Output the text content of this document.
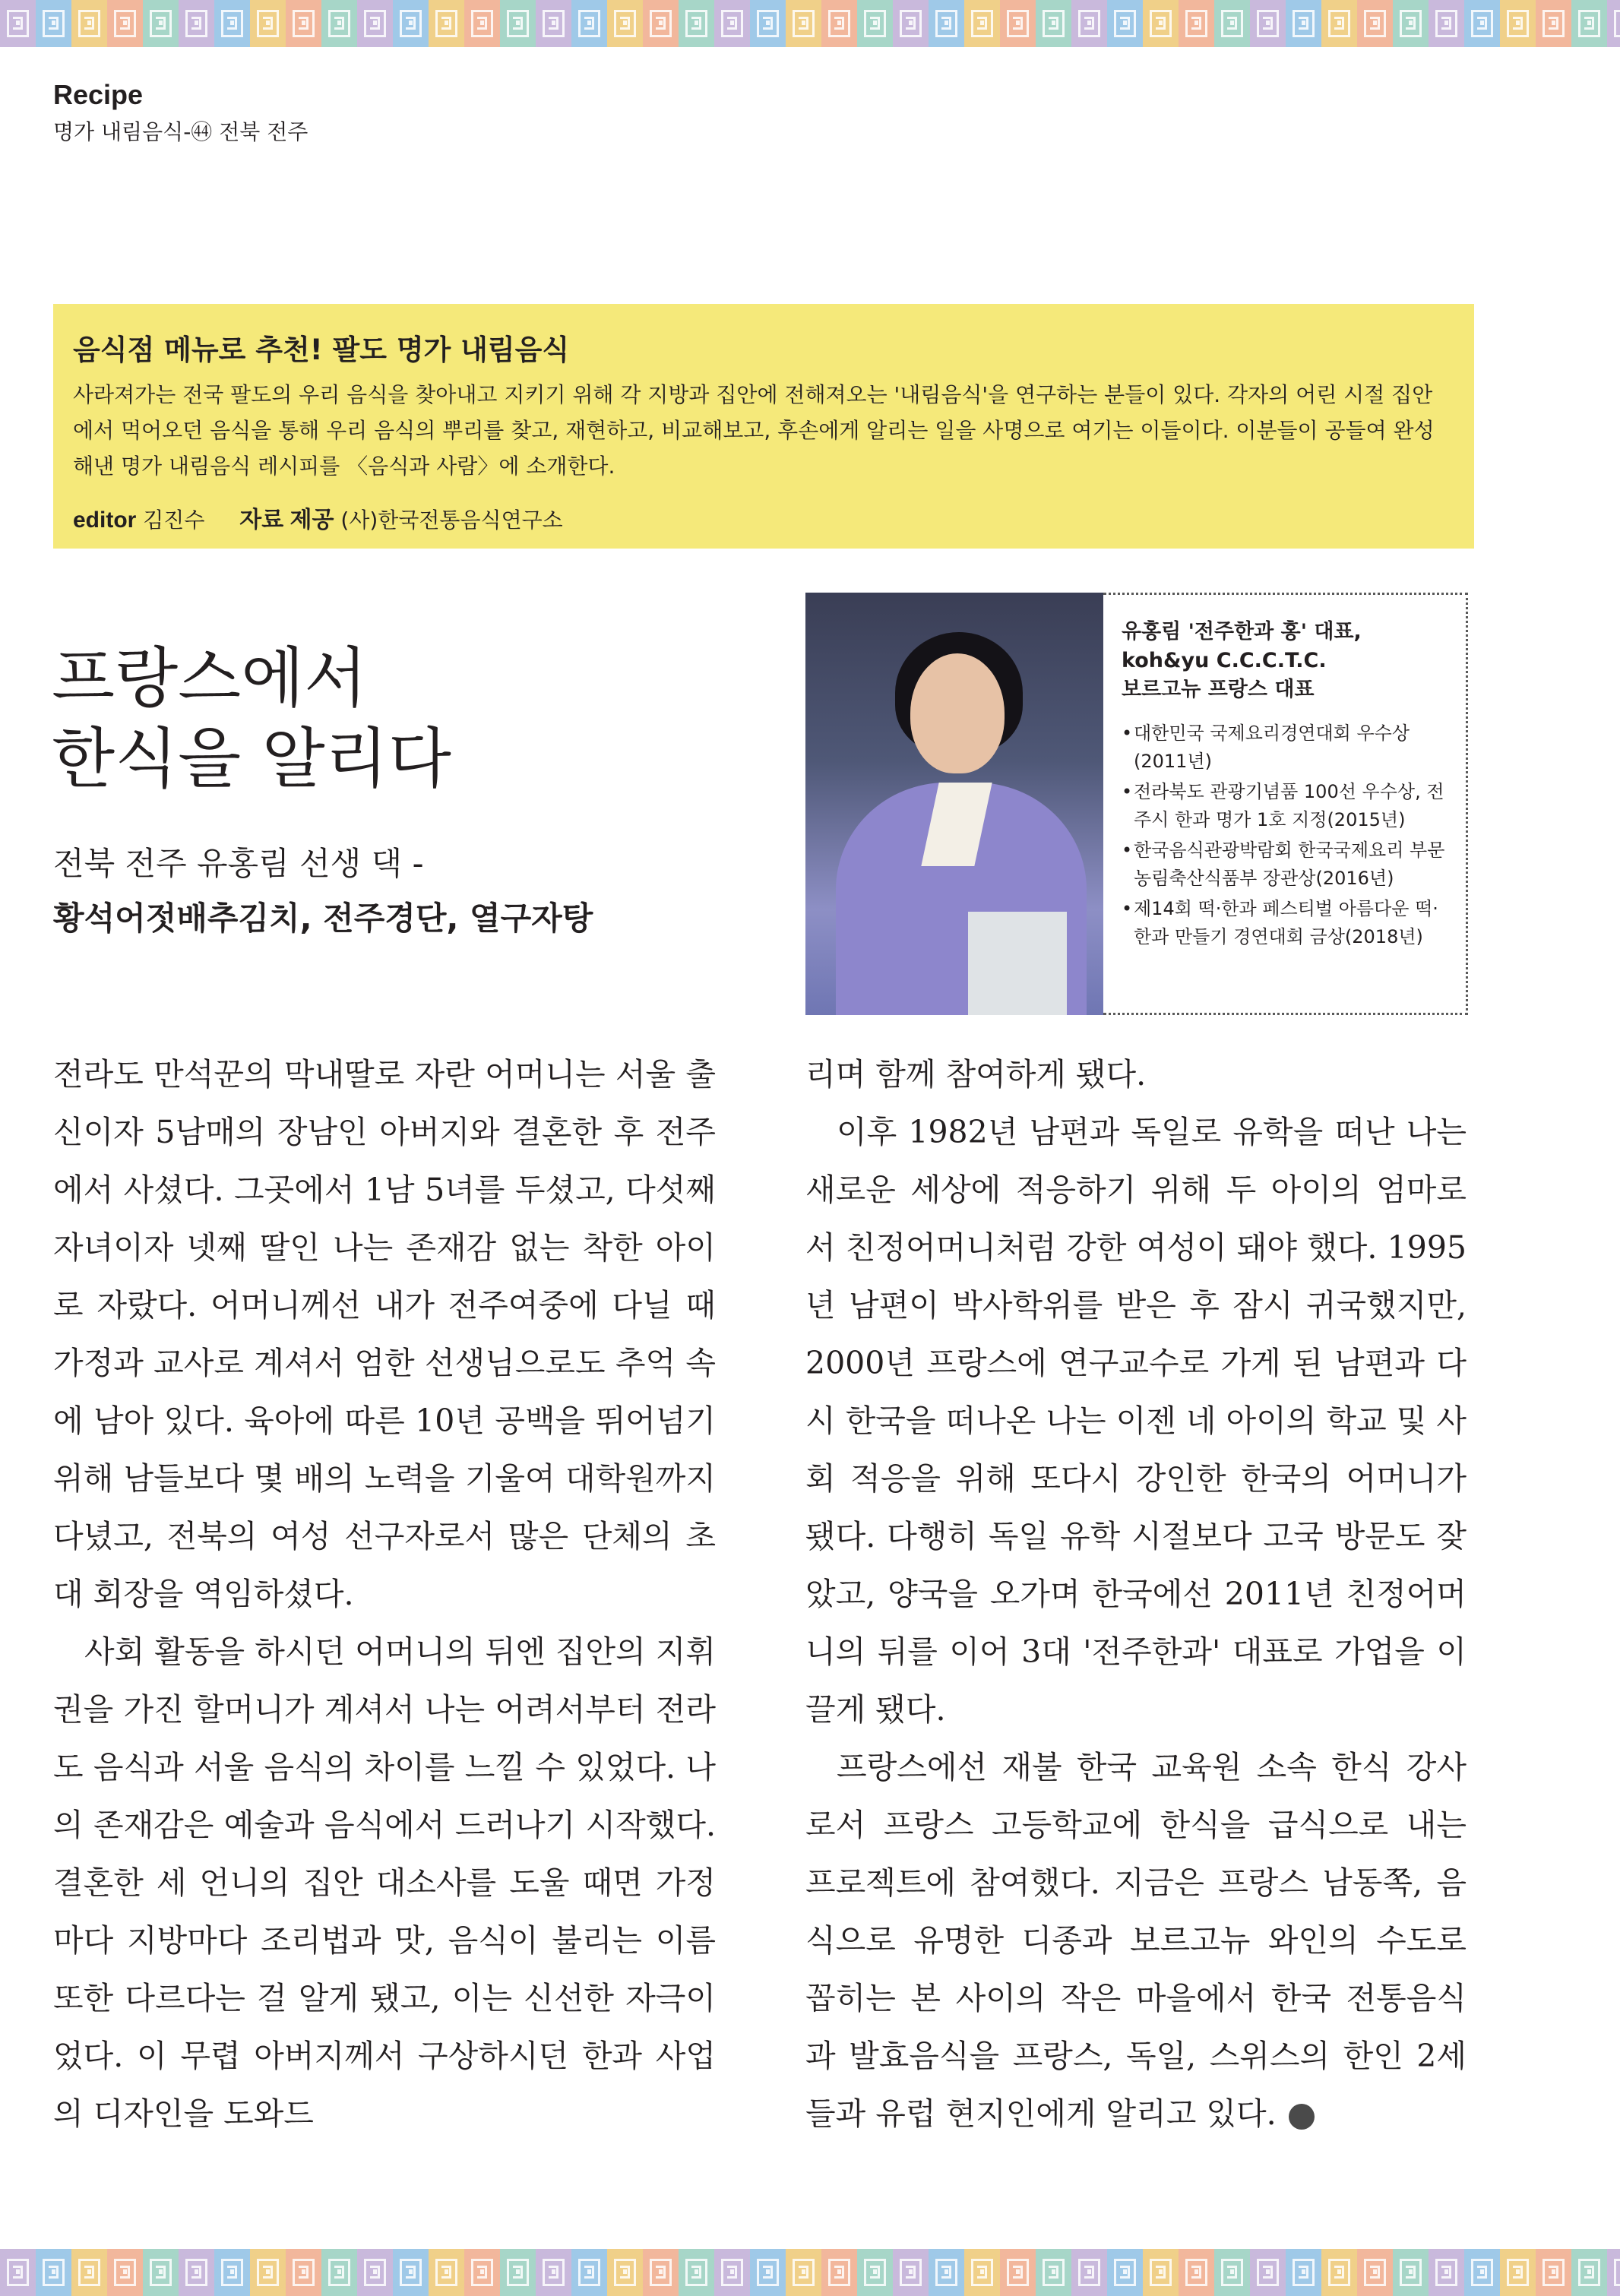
Recipe
명가 내림음식-㊹ 전북 전주
음식점 메뉴로 추천! 팔도 명가 내림음식

사라져가는 전국 팔도의 우리 음식을 찾아내고 지키기 위해 각 지방과 집안에 전해져오는 '내림음식'을 연구하는 분들이 있다. 각자의 어린 시절 집안에서 먹어오던 음식을 통해 우리 음식의 뿌리를 찾고, 재현하고, 비교해보고, 후손에게 알리는 일을 사명으로 여기는 이들이다. 이분들이 공들여 완성해낸 명가 내림음식 레시피를 〈음식과 사람〉에 소개한다.

editor 김진수 자료 제공 (사)한국전통음식연구소
프랑스에서
한식을 알리다
전북 전주 유홍림 선생 댁 -
황석어젓배추김치, 전주경단, 열구자탕

유홍림 '전주한과 홍' 대표,
koh&yu C.C.C.T.C.
보르고뉴 프랑스 대표

• 대한민국 국제요리경연대회 우수상(2011년)
• 전라북도 관광기념품 100선 우수상, 전주시 한과 명가 1호 지정(2015년)
• 한국음식관광박람회 한국국제요리 부문 농림축산식품부 장관상(2016년)
• 제14회 떡·한과 페스티벌 아름다운 떡·한과 만들기 경연대회 금상(2018년)

전라도 만석꾼의 막내딸로 자란 어머니는 서울 출신이자 5남매의 장남인 아버지와 결혼한 후 전주에서 사셨다. 그곳에서 1남 5녀를 두셨고, 다섯째 자녀이자 넷째 딸인 나는 존재감 없는 착한 아이로 자랐다. 어머니께선 내가 전주여중에 다닐 때 가정과 교사로 계셔서 엄한 선생님으로도 추억 속에 남아 있다. 육아에 따른 10년 공백을 뛰어넘기 위해 남들보다 몇 배의 노력을 기울여 대학원까지 다녔고, 전북의 여성 선구자로서 많은 단체의 초대 회장을 역임하셨다.

사회 활동을 하시던 어머니의 뒤엔 집안의 지휘권을 가진 할머니가 계셔서 나는 어려서부터 전라도 음식과 서울 음식의 차이를 느낄 수 있었다. 나의 존재감은 예술과 음식에서 드러나기 시작했다. 결혼한 세 언니의 집안 대소사를 도울 때면 가정마다 지방마다 조리법과 맛, 음식이 불리는 이름 또한 다르다는 걸 알게 됐고, 이는 신선한 자극이었다. 이 무렵 아버지께서 구상하시던 한과 사업의 디자인을 도와드

리며 함께 참여하게 됐다.

이후 1982년 남편과 독일로 유학을 떠난 나는 새로운 세상에 적응하기 위해 두 아이의 엄마로서 친정어머니처럼 강한 여성이 돼야 했다. 1995년 남편이 박사학위를 받은 후 잠시 귀국했지만, 2000년 프랑스에 연구교수로 가게 된 남편과 다시 한국을 떠나온 나는 이젠 네 아이의 학교 및 사회 적응을 위해 또다시 강인한 한국의 어머니가 됐다. 다행히 독일 유학 시절보다 고국 방문도 잦았고, 양국을 오가며 한국에선 2011년 친정어머니의 뒤를 이어 3대 '전주한과' 대표로 가업을 이끌게 됐다.

프랑스에선 재불 한국 교육원 소속 한식 강사로서 프랑스 고등학교에 한식을 급식으로 내는 프로젝트에 참여했다. 지금은 프랑스 남동쪽, 음식으로 유명한 디종과 보르고뉴 와인의 수도로 꼽히는 본 사이의 작은 마을에서 한국 전통음식과 발효음식을 프랑스, 독일, 스위스의 한인 2세들과 유럽 현지인에게 알리고 있다.F
